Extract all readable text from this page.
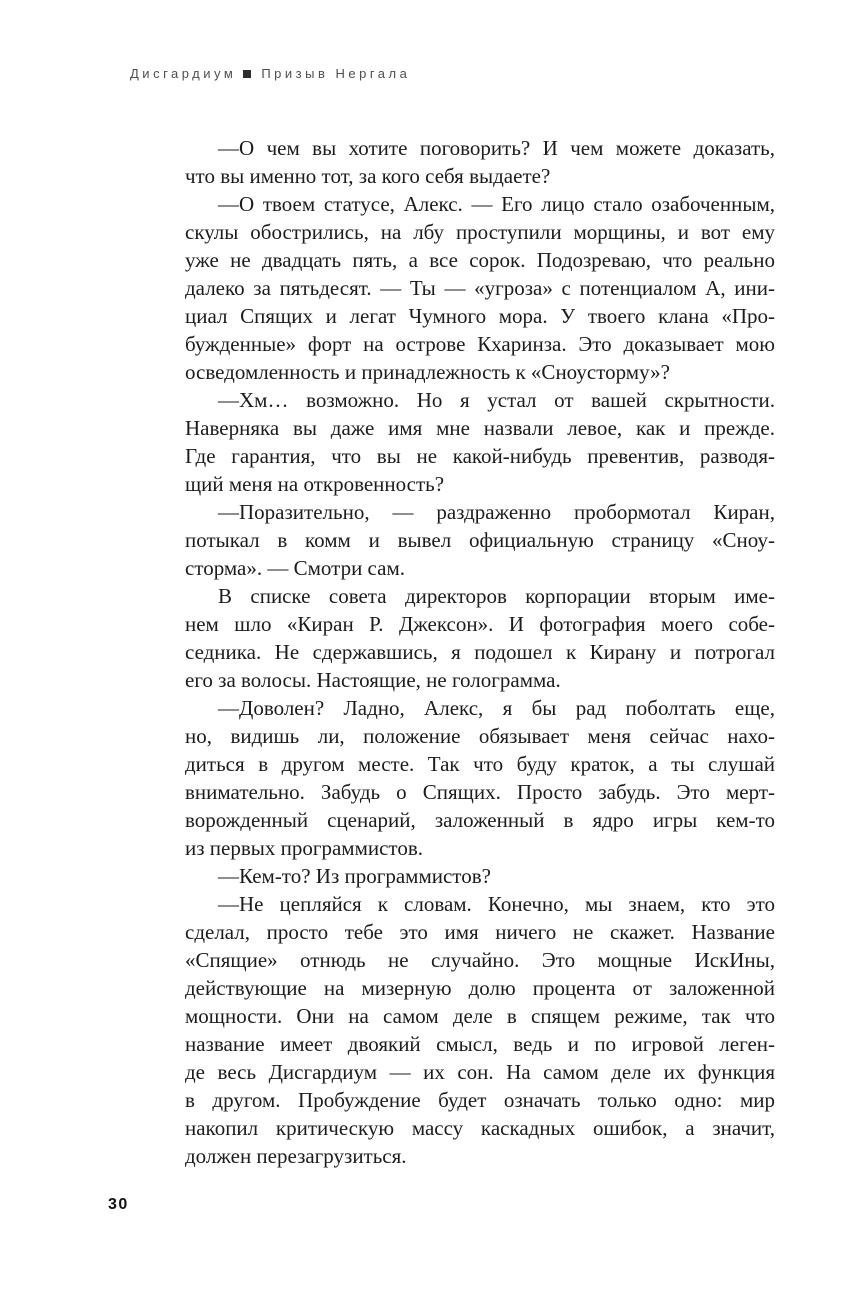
Дисгардиум Призыв Нергала
—О чем вы хотите поговорить? И чем можете доказать,
что вы именно тот, за кого себя выдаете?
—О твоем статусе, Алекс. — Его лицо стало озабоченным,
скулы обострились, на лбу проступили морщины, и вот ему
уже не двадцать пять, а все сорок. Подозреваю, что реально
далеко за пятьдесят. — Ты — «угроза» с потенциалом А, ини-
циал Спящих и легат Чумного мора. У твоего клана «Про-
бужденные» форт на острове Кхаринза. Это доказывает мою
осведомленность и принадлежность к «Сноусторму»?
—Хм… возможно. Но я устал от вашей скрытности.
Наверняка вы даже имя мне назвали левое, как и прежде.
Где гарантия, что вы не какой-нибудь превентив, разводя-
щий меня на откровенность?
—Поразительно, — раздраженно пробормотал Киран,
потыкал в комм и вывел официальную страницу «Сноу-
сторма». — Смотри сам.
В списке совета директоров корпорации вторым име-
нем шло «Киран Р. Джексон». И фотография моего собе-
седника. Не сдержавшись, я подошел к Кирану и потрогал
его за волосы. Настоящие, не голограмма.
—Доволен? Ладно, Алекс, я бы рад поболтать еще,
но, видишь ли, положение обязывает меня сейчас нахо-
диться в другом месте. Так что буду краток, а ты слушай
внимательно. Забудь о Спящих. Просто забудь. Это мерт-
ворожденный сценарий, заложенный в ядро игры кем-то
из первых программистов.
—Кем-то? Из программистов?
—Не цепляйся к словам. Конечно, мы знаем, кто это
сделал, просто тебе это имя ничего не скажет. Название
«Спящие» отнюдь не случайно. Это мощные ИскИны,
действующие на мизерную долю процента от заложенной
мощности. Они на самом деле в спящем режиме, так что
название имеет двоякий смысл, ведь и по игровой леген-
де весь Дисгардиум — их сон. На самом деле их функция
в другом. Пробуждение будет означать только одно: мир
накопил критическую массу каскадных ошибок, а значит,
должен перезагрузиться.
30
